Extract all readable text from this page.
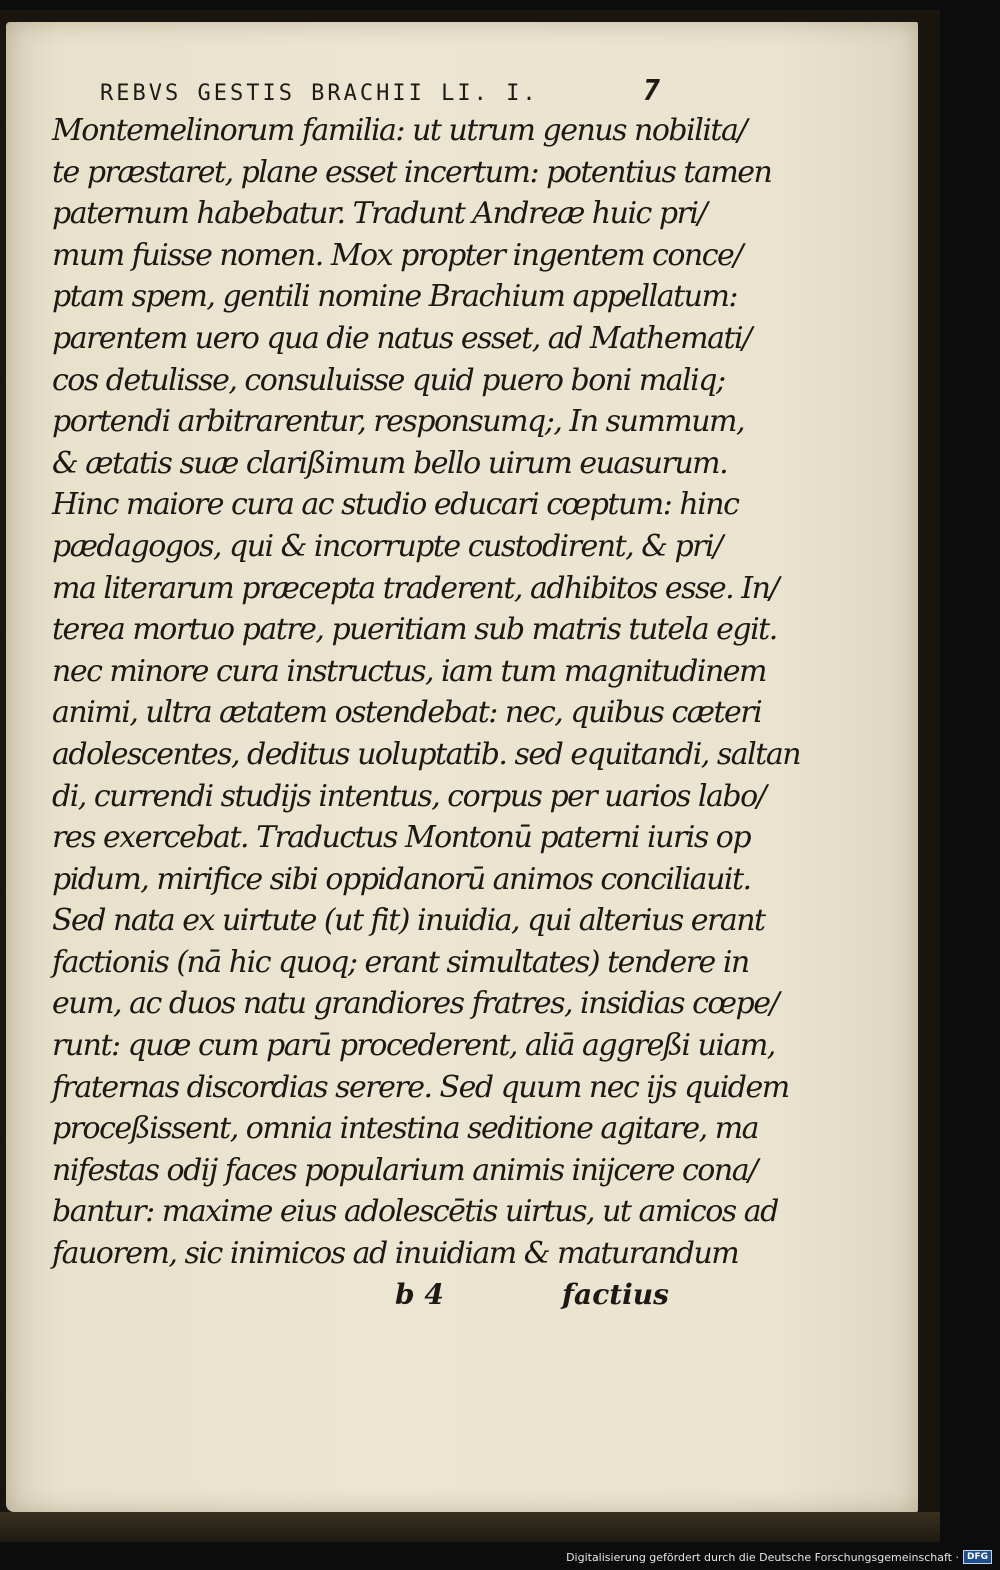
REBVS GESTIS BRACHII LI. I.	7
Montemelinorum familia: ut utrum genus nobilita/
te præstaret, plane esset incertum: potentius tamen
paternum habebatur. Tradunt Andreæ huic pri/
mum fuisse nomen. Mox propter ingentem conce/
ptam spem, gentili nomine Brachium appellatum:
parentem uero qua die natus esset, ad Mathemati/
cos detulisse, consuluisse quid puero boni maliq;
portendi arbitrarentur, responsumq;, In summum,
& ætatis suæ clarißimum bello uirum euasurum.
Hinc maiore cura ac studio educari cœptum: hinc
pædagogos, qui & incorrupte custodirent, & pri/
ma literarum præcepta traderent, adhibitos esse. In/
terea mortuo patre, pueritiam sub matris tutela egit.
nec minore cura instructus, iam tum magnitudinem
animi, ultra ætatem ostendebat: nec, quibus cæteri
adolescentes, deditus uoluptatib. sed equitandi, saltan
di, currendi studijs intentus, corpus per uarios labo/
res exercebat. Traductus Montonū paterni iuris op
pidum, mirifice sibi oppidanorū animos conciliauit.
Sed nata ex uirtute (ut fit) inuidia, qui alterius erant
factionis (nā hic quoq; erant simultates) tendere in
eum, ac duos natu grandiores fratres, insidias cœpe/
runt: quæ cum parū procederent, aliā aggreßi uiam,
fraternas discordias serere. Sed quum nec ijs quidem
proceßissent, omnia intestina seditione agitare, ma
nifestas odij faces popularium animis inijcere cona/
bantur: maxime eius adolescētis uirtus, ut amicos ad
fauorem, sic inimicos ad inuidiam & maturandum
b 4	factius
Digitalisierung gefördert durch die Deutsche Forschungsgemeinschaft · DFG
